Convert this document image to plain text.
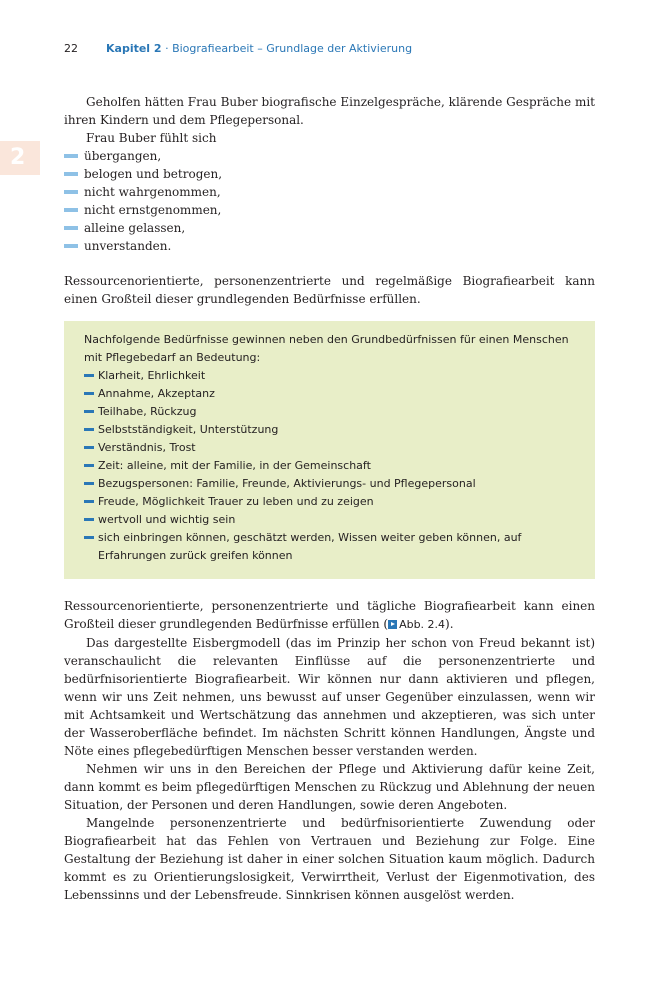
22	Kapitel 2 · Biografiearbeit – Grundlage der Aktivierung
2

Geholfen hätten Frau Buber biografische Einzelgespräche, klärende Gespräche mit ihren Kindern und dem Pflegepersonal.

Frau Buber fühlt sich

übergangen,
belogen und betrogen,
nicht wahrgenommen,
nicht ernstgenommen,
alleine gelassen,
unverstanden.

Ressourcenorientierte, personenzentrierte und regelmäßige Biografiearbeit kann einen Großteil dieser grundlegenden Bedürfnisse erfüllen.

Nachfolgende Bedürfnisse gewinnen neben den Grundbedürfnissen für einen Menschen mit Pflegebedarf an Bedeutung:

Klarheit, Ehrlichkeit
Annahme, Akzeptanz
Teilhabe, Rückzug
Selbstständigkeit, Unterstützung
Verständnis, Trost
Zeit: alleine, mit der Familie, in der Gemeinschaft
Bezugspersonen: Familie, Freunde, Aktivierungs- und Pflegepersonal
Freude, Möglichkeit Trauer zu leben und zu zeigen
wertvoll und wichtig sein
sich einbringen können, geschätzt werden, Wissen weiter geben können, auf Erfahrungen zurück greifen können

Ressourcenorientierte, personenzentrierte und tägliche Biografiearbeit kann einen Großteil dieser grundlegenden Bedürfnisse erfüllen ( Abb. 2.4).

Das dargestellte Eisbergmodell (das im Prinzip her schon von Freud bekannt ist) veranschaulicht die relevanten Einflüsse auf die personenzentrierte und bedürfnisorientierte Biografiearbeit. Wir können nur dann aktivieren und pflegen, wenn wir uns Zeit nehmen, uns bewusst auf unser Gegenüber einzulassen, wenn wir mit Achtsamkeit und Wertschätzung das annehmen und akzeptieren, was sich unter der Wasseroberfläche befindet. Im nächsten Schritt können Handlungen, Ängste und Nöte eines pflegebedürftigen Menschen besser verstanden werden.

Nehmen wir uns in den Bereichen der Pflege und Aktivierung dafür keine Zeit, dann kommt es beim pflegedürftigen Menschen zu Rückzug und Ablehnung der neuen Situation, der Personen und deren Handlungen, sowie deren Angeboten.

Mangelnde personenzentrierte und bedürfnisorientierte Zuwendung oder Biografiearbeit hat das Fehlen von Vertrauen und Beziehung zur Folge. Eine Gestaltung der Beziehung ist daher in einer solchen Situation kaum möglich. Dadurch kommt es zu Orientierungslosigkeit, Verwirrtheit, Verlust der Eigenmotivation, des Lebenssinns und der Lebensfreude. Sinnkrisen können ausgelöst werden.
